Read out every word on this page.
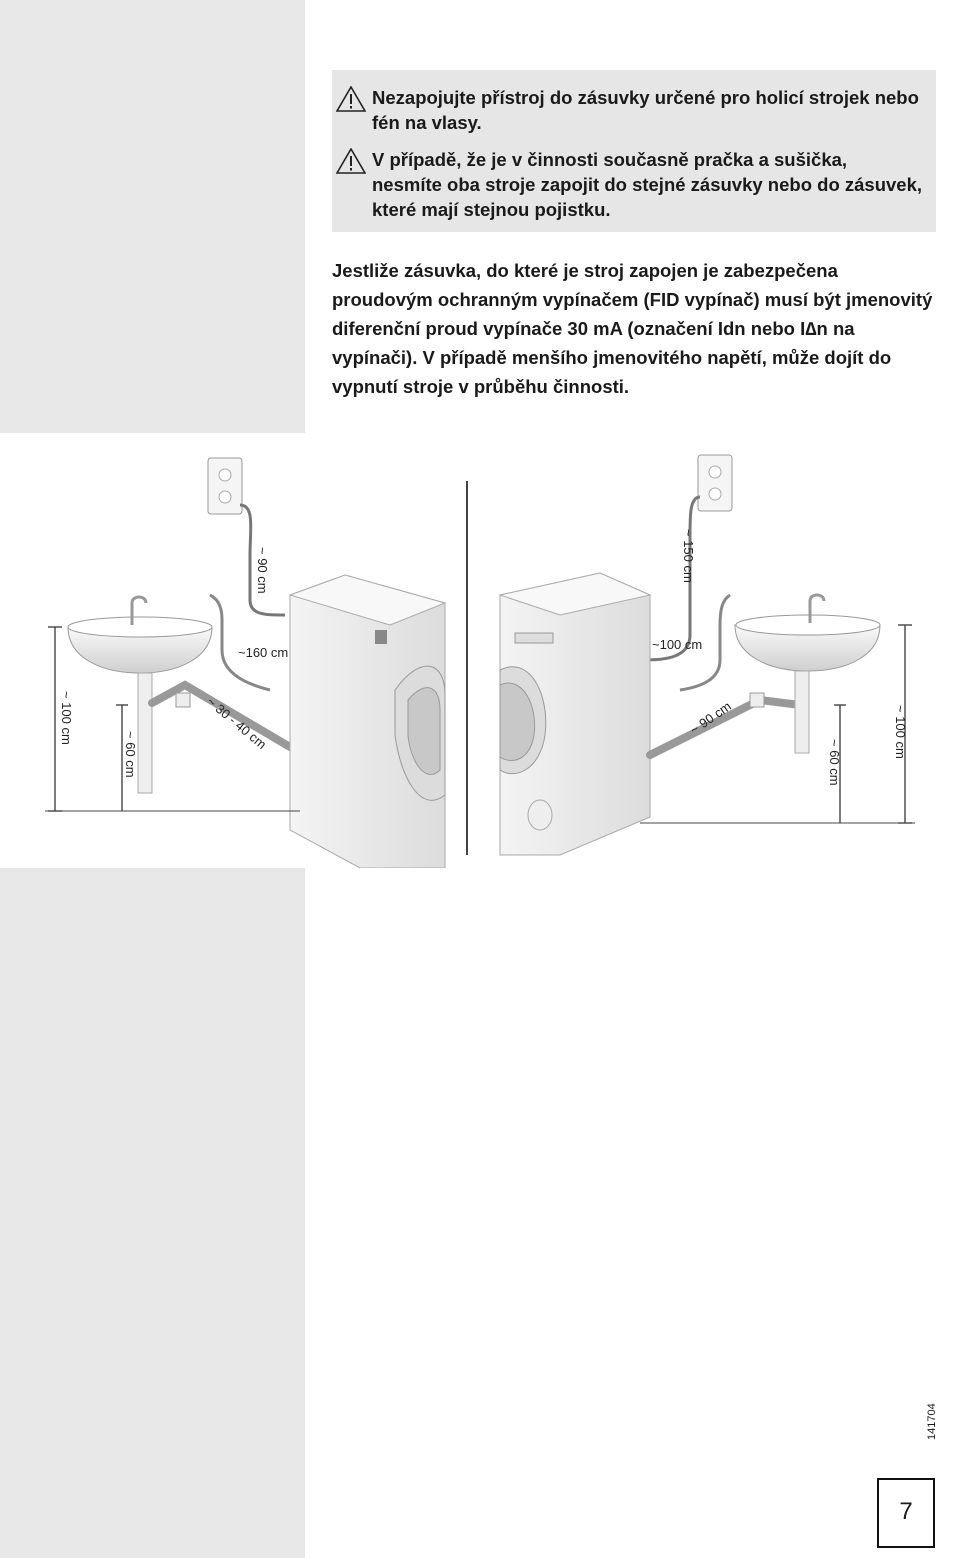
Nezapojujte přístroj do zásuvky určené pro holicí strojek nebo fén na vlasy.
V případě, že je v činnosti současně pračka a sušička, nesmíte oba stroje zapojit do stejné zásuvky nebo do zásuvek, které mají stejnou pojistku.
Jestliže zásuvka, do které je stroj zapojen je zabezpečena proudovým ochranným vypínačem (FID vypínač) musí být jmenovitý diferenční proud vypínače 30 mA (označení Idn nebo I∆n na vypínači). V případě menšího jmenovitého napětí, může dojít do vypnutí stroje v průběhu činnosti.
~ 90 cm
~160 cm
~ 30 - 40 cm
~ 100 cm
~ 60 cm
~ 150 cm
~100 cm
~ 90 cm	~ 100 cm
~ 60 cm
141704
7
